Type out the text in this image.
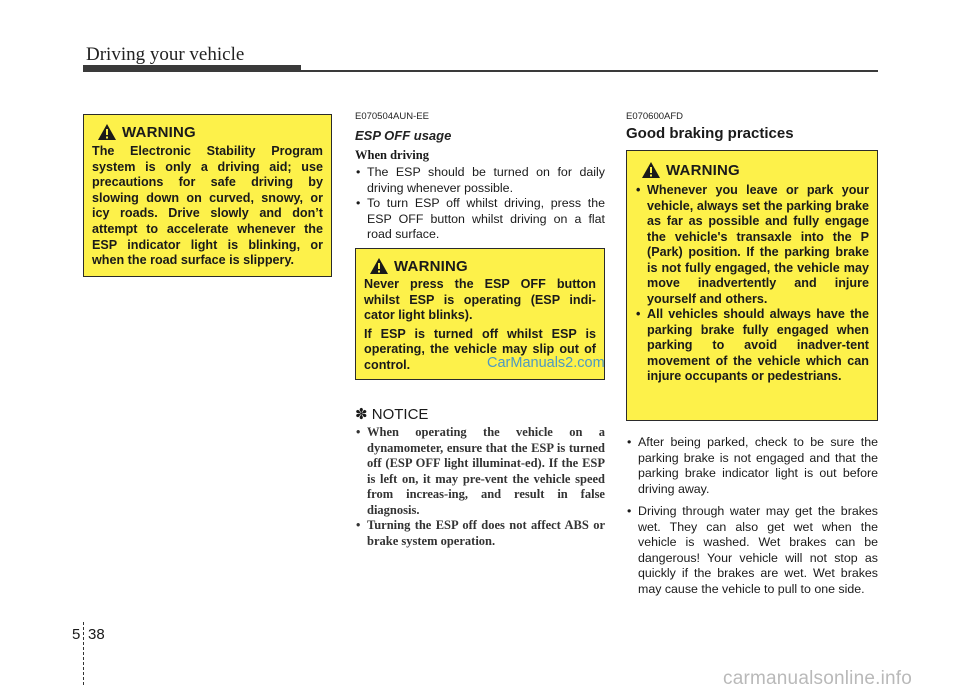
Driving your vehicle
WARNING
The Electronic Stability Program system is only a driving aid; use precautions for safe driving by slowing down on curved, snowy, or icy roads. Drive slowly and don’t attempt to accelerate whenever the ESP indicator light is blinking, or when the road surface is slippery.
E070504AUN-EE
ESP OFF usage
When driving
• The ESP should be turned on for daily driving whenever possible.
• To turn ESP off whilst driving, press the ESP OFF button whilst driving on a flat road surface.
WARNING
Never press the ESP OFF button whilst ESP is operating (ESP indi-cator light blinks).
If ESP is turned off whilst ESP is operating, the vehicle may slip out of control.	CarManuals2.com
✽ NOTICE
• When operating the vehicle on a dynamometer, ensure that the ESP is turned off (ESP OFF light illuminat-ed). If the ESP is left on, it may pre-vent the vehicle speed from increas-ing, and result in false diagnosis.
• Turning the ESP off does not affect ABS or brake system operation.
E070600AFD
Good braking practices
WARNING
• Whenever you leave or park your vehicle, always set the parking brake as far as possible and fully engage the vehicle's transaxle into the P (Park) position. If the parking brake is not fully engaged, the vehicle may move inadvertently and injure yourself and others.
• All vehicles should always have the parking brake fully engaged when parking to avoid inadver-tent movement of the vehicle which can injure occupants or pedestrians.
• After being parked, check to be sure the parking brake is not engaged and that the parking brake indicator light is out before driving away.
• Driving through water may get the brakes wet. They can also get wet when the vehicle is washed. Wet brakes can be dangerous! Your vehicle will not stop as quickly if the brakes are wet. Wet brakes may cause the vehicle to pull to one side.
5 38
carmanualsonline.info
